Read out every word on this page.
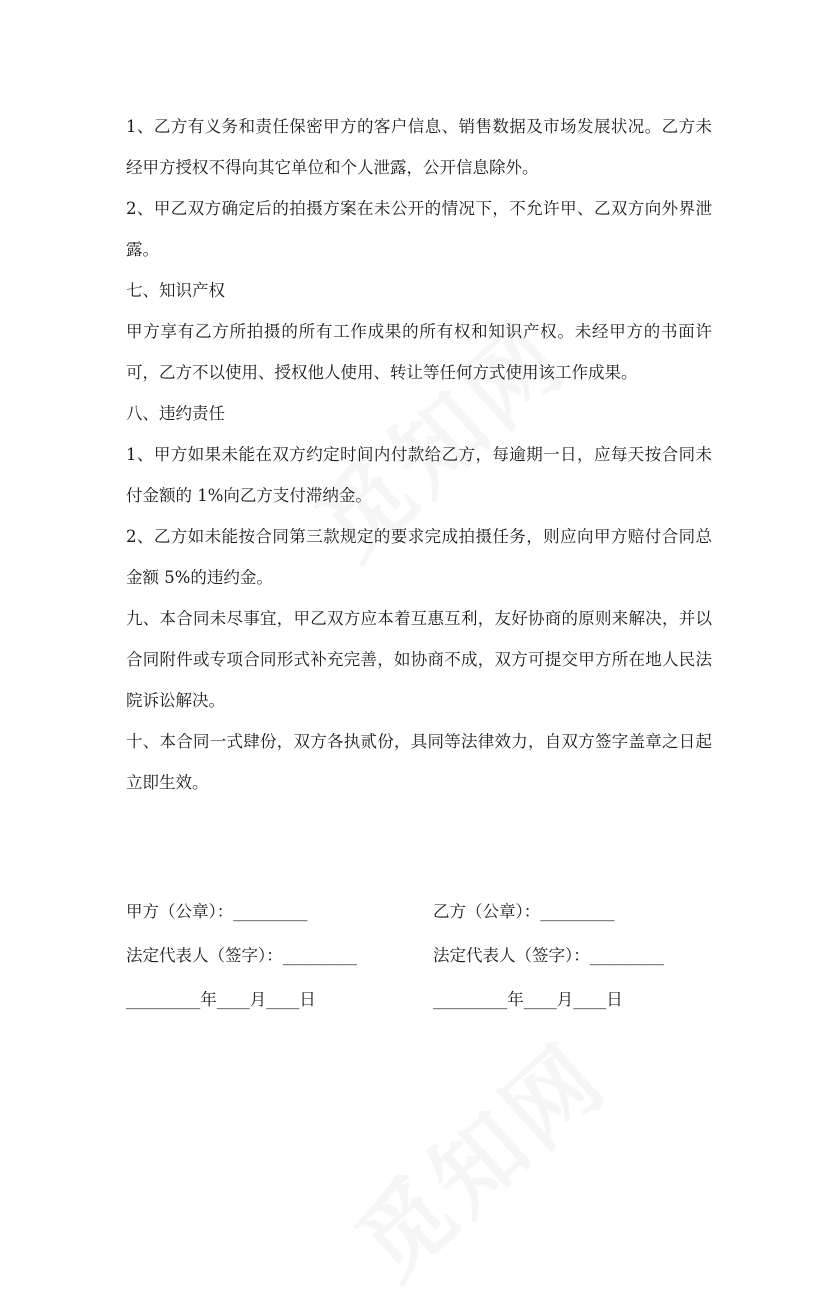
1、乙方有义务和责任保密甲方的客户信息、销售数据及市场发展状况。乙方未经甲方授权不得向其它单位和个人泄露，公开信息除外。

2、甲乙双方确定后的拍摄方案在未公开的情况下，不允许甲、乙双方向外界泄露。

七、知识产权

甲方享有乙方所拍摄的所有工作成果的所有权和知识产权。未经甲方的书面许可，乙方不以使用、授权他人使用、转让等任何方式使用该工作成果。

八、违约责任

1、甲方如果未能在双方约定时间内付款给乙方，每逾期一日，应每天按合同未付金额的 1%向乙方支付滞纳金。

2、乙方如未能按合同第三款规定的要求完成拍摄任务，则应向甲方赔付合同总金额 5%的违约金。

九、本合同未尽事宜，甲乙双方应本着互惠互利，友好协商的原则来解决，并以合同附件或专项合同形式补充完善，如协商不成，双方可提交甲方所在地人民法院诉讼解决。

十、本合同一式肆份，双方各执贰份，具同等法律效力，自双方签字盖章之日起立即生效。

甲方（公章）：_________	乙方（公章）：_________
法定代表人（签字）：_________	法定代表人（签字）：_________
_________年____月____日	_________年____月____日
